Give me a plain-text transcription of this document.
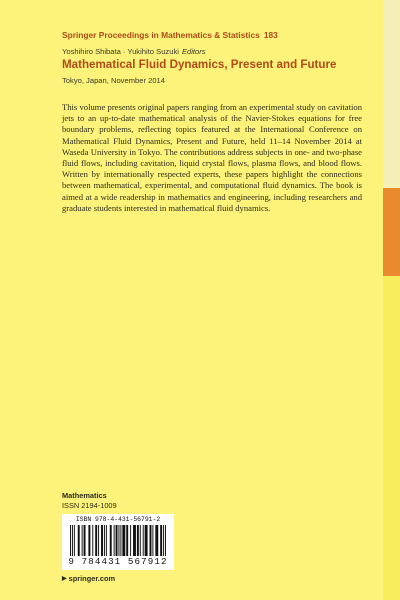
Springer Proceedings in Mathematics & Statistics 183
Yoshihiro Shibata · Yukihito Suzuki Editors
Mathematical Fluid Dynamics, Present and Future
Tokyo, Japan, November 2014

This volume presents original papers ranging from an experimental study on cavitation jets to an up-to-date mathematical analysis of the Navier-Stokes equations for free boundary problems, reflecting topics featured at the International Conference on Mathematical Fluid Dynamics, Present and Future, held 11–14 November 2014 at Waseda University in Tokyo. The contributions address subjects in one- and two-phase fluid flows, including cavitation, liquid crystal flows, plasma flows, and blood flows. Written by internationally respected experts, these papers highlight the connections between mathematical, experimental, and computational fluid dynamics. The book is aimed at a wide readership in mathematics and engineering, including researchers and graduate students interested in mathematical fluid dynamics.

Mathematics
ISSN 2194-1009
ISBN 978-4-431-56791-2
9 784431 567912
▶ springer.com
